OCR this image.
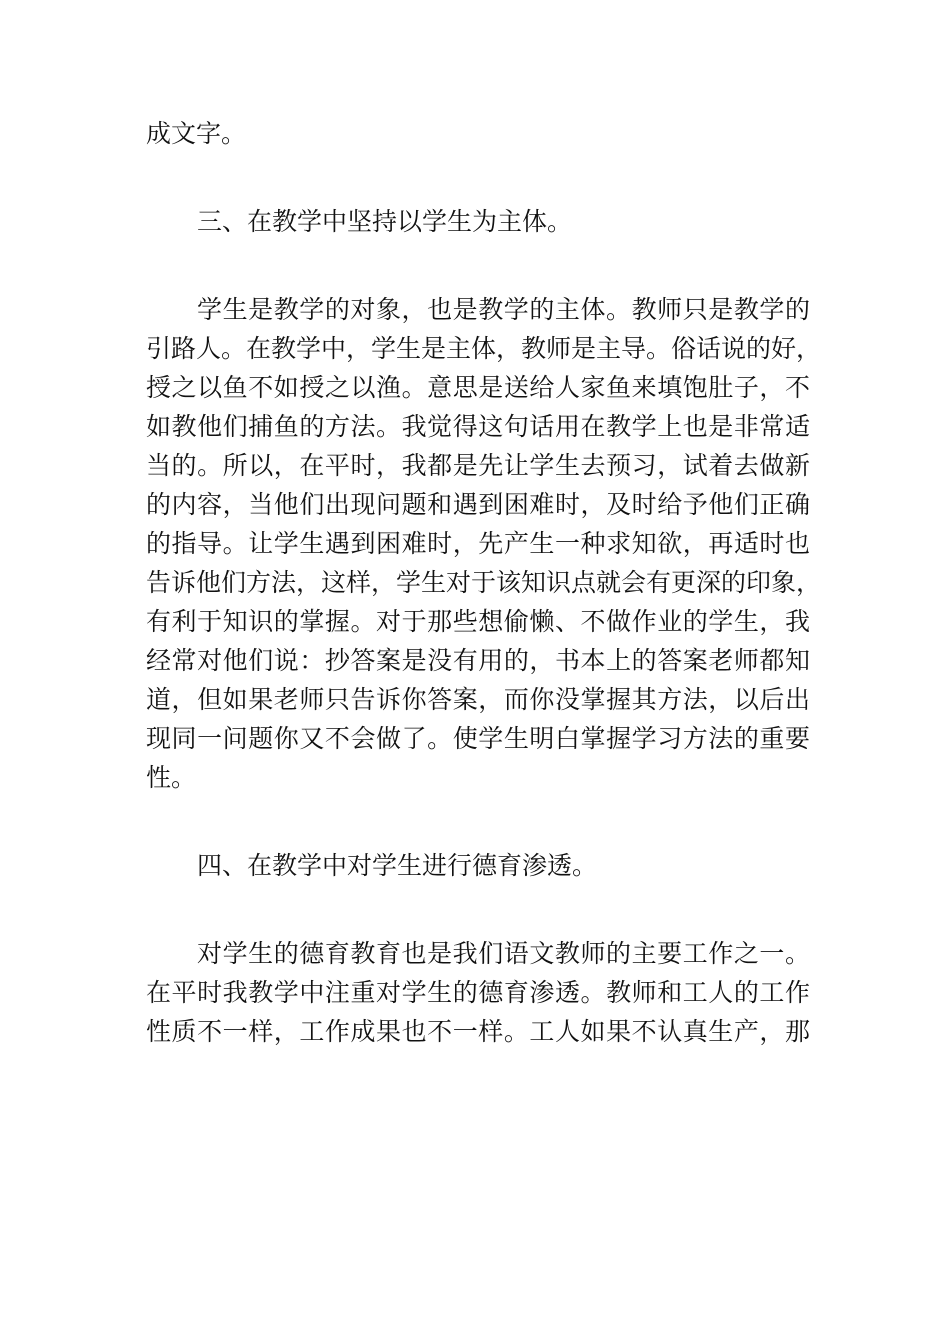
成文字。
三、在教学中坚持以学生为主体。
学生是教学的对象，也是教学的主体。教师只是教学的
引路人。在教学中，学生是主体，教师是主导。俗话说的好，
授之以鱼不如授之以渔。意思是送给人家鱼来填饱肚子，不
如教他们捕鱼的方法。我觉得这句话用在教学上也是非常适
当的。所以，在平时，我都是先让学生去预习，试着去做新
的内容，当他们出现问题和遇到困难时，及时给予他们正确
的指导。让学生遇到困难时，先产生一种求知欲，再适时也
告诉他们方法，这样，学生对于该知识点就会有更深的印象，
有利于知识的掌握。对于那些想偷懒、不做作业的学生，我
经常对他们说：抄答案是没有用的，书本上的答案老师都知
道，但如果老师只告诉你答案，而你没掌握其方法，以后出
现同一问题你又不会做了。使学生明白掌握学习方法的重要
性。
四、在教学中对学生进行德育渗透。
对学生的德育教育也是我们语文教师的主要工作之一。
在平时我教学中注重对学生的德育渗透。教师和工人的工作
性质不一样，工作成果也不一样。工人如果不认真生产，那
